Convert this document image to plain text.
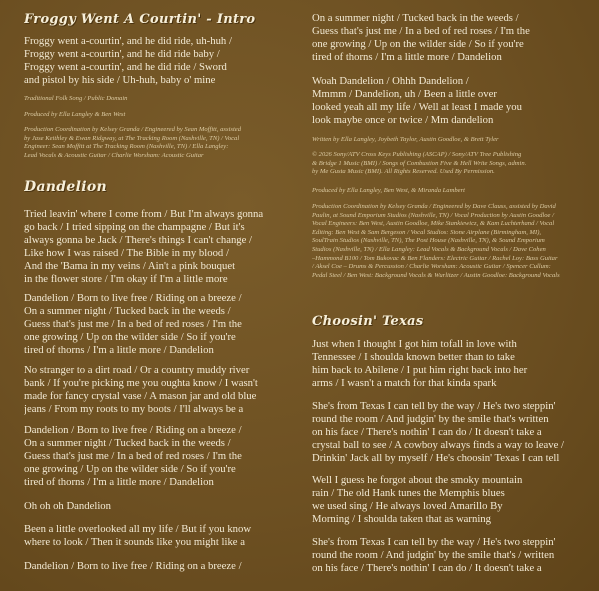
Froggy Went A Courtin' - Intro

Froggy went a-courtin', and he did ride, uh-huh /
Froggy went a-courtin', and he did ride baby /
Froggy went a-courtin', and he did ride / Sword
and pistol by his side / Uh-huh, baby o' mine

Traditional Folk Song / Public Domain

Produced by Ella Langley & Ben West

Production Coordination by Kelsey Granda / Engineered by Sean Moffitt, assisted
by Jase Keithley & Ewan Ridgway, at The Tracking Room (Nashville, TN) / Vocal
Engineer: Sean Moffitt at The Tracking Room (Nashville, TN) / Ella Langley:
Lead Vocals & Acoustic Guitar / Charlie Worsham: Acoustic Guitar

Dandelion

Tried leavin' where I come from / But I'm always gonna
go back / I tried sipping on the champagne / But it's
always gonna be Jack / There's things I can't change /
Like how I was raised / The Bible in my blood /
And the 'Bama in my veins / Ain't a pink bouquet
in the flower store / I'm okay if I'm a little more

Dandelion / Born to live free / Riding on a breeze /
On a summer night / Tucked back in the weeds /
Guess that's just me / In a bed of red roses / I'm the
one growing / Up on the wilder side / So if you're
tired of thorns / I'm a little more / Dandelion

No stranger to a dirt road / Or a country muddy river
bank / If you're picking me you oughta know / I wasn't
made for fancy crystal vase / A mason jar and old blue
jeans / From my roots to my boots / I'll always be a

Dandelion / Born to live free / Riding on a breeze /
On a summer night / Tucked back in the weeds /
Guess that's just me / In a bed of red roses / I'm the
one growing / Up on the wilder side / So if you're
tired of thorns / I'm a little more / Dandelion

Oh oh oh Dandelion

Been a little overlooked all my life / But if you know
where to look / Then it sounds like you might like a

Dandelion / Born to live free / Riding on a breeze /

On a summer night / Tucked back in the weeds /
Guess that's just me / In a bed of red roses / I'm the
one growing / Up on the wilder side / So if you're
tired of thorns / I'm a little more / Dandelion

Woah Dandelion / Ohhh Dandelion /
Mmmm / Dandelion, uh / Been a little over
looked yeah all my life / Well at least I made you
look maybe once or twice / Mm dandelion

Written by Ella Langley, Joybeth Taylor, Austin Goodloe, & Brett Tyler

© 2026 Sony/ATV Cross Keys Publishing (ASCAP) / Sony/ATV Tree Publishing
& Bridge 1 Music (BMI) / Songs of Combustion Five & Hell Write Songs, admin.
by Me Gusta Music (BMI). All Rights Reserved. Used By Permission.

Produced by Ella Langley, Ben West, & Miranda Lambert

Production Coordination by Kelsey Granda / Engineered by Dave Clauss, assisted by David
Paulin, at Sound Emporium Studios (Nashville, TN) / Vocal Production by Austin Goodloe /
Vocal Engineers: Ben West, Austin Goodloe, Mike Stankiewicz, & Kam Luchterhand / Vocal
Editing: Ben West & Sam Bergeson / Vocal Studios: Stone Airplane (Birmingham, MI),
SoulTrain Studios (Nashville, TN), The Post House (Nashville, TN), & Sound Emporium
Studios (Nashville, TN) / Ella Langley: Lead Vocals & Background Vocals / Dave Cohen
–Hammond B100 / Tom Bukovac & Ben Flanders: Electric Guitar / Rachel Loy: Bass Guitar
/ Aksel Coe – Drums & Percussion / Charlie Worsham: Acoustic Guitar / Spencer Cullum:
Pedal Steel / Ben West: Background Vocals & Wurlitzer / Austin Goodloe: Background Vocals

Choosin' Texas

Just when I thought I got him tofall in love with
Tennessee / I shoulda known better than to take
him back to Abilene / I put him right back into her
arms / I wasn't a match for that kinda spark

She's from Texas I can tell by the way / He's two steppin'
round the room / And judgin' by the smile that's written
on his face / There's nothin' I can do / It doesn't take a
crystal ball to see / A cowboy always finds a way to leave /
Drinkin' Jack all by myself / He's choosin' Texas I can tell

Well I guess he forgot about the smoky mountain
rain / The old Hank tunes the Memphis blues
we used sing / He always loved Amarillo By
Morning / I shoulda taken that as warning

She's from Texas I can tell by the way / He's two steppin'
round the room / And judgin' by the smile that's / written
on his face / There's nothin' I can do / It doesn't take a
